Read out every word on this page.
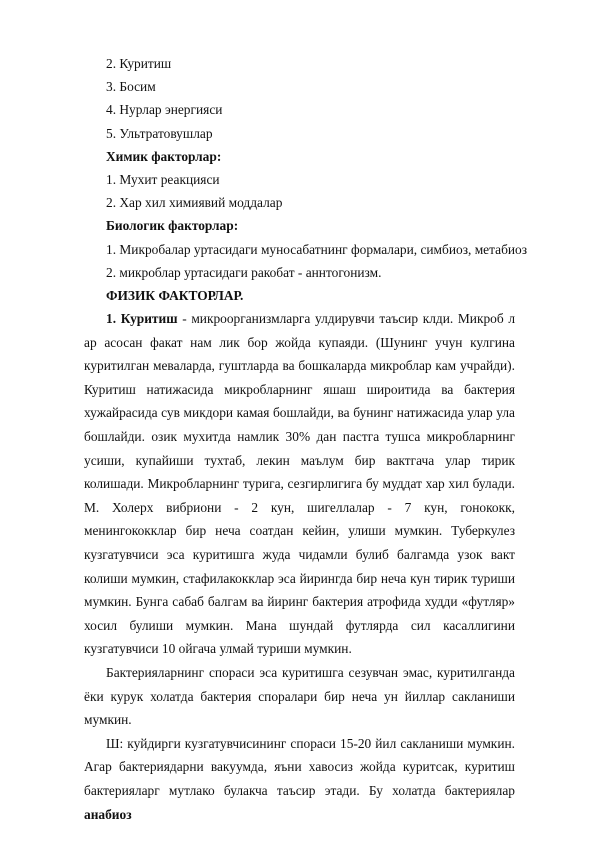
2. Куритиш
3. Босим
4. Нурлар энергияси
5. Ультратовушлар
Химик факторлар:
1. Мухит реакцияси
2. Хар хил химиявий моддалар
Биологик факторлар:
1. Микробалар уртасидаги муносабатнинг формалари, симбиоз, метабиоз
2. микроблар уртасидаги ракобат - аннтогонизм.
ФИЗИК ФАКТОРЛАР.

1. Куритиш - микроорганизмларга улдирувчи таъсир клди. Микроб л ар асосан факат нам лик бор жойда купаяди. (Шунинг учун кулгина куритилган меваларда, гуштларда ва бошкаларда микроблар кам учрайди). Куритиш натижасида микробларнинг яшаш широитида ва бактерия хужайрасида сув микдори камая бошлайди, ва бунинг натижасида улар ула бошлайди. озик мухитда намлик 30% дан пастга тушса микробларнинг усиши, купайиши тухтаб, лекин маълум бир вактгача улар тирик колишади. Микробларнинг турига, сезгирлигига бу муддат хар хил булади. М. Холерх вибриони - 2 кун, шигеллалар - 7 кун, гонококк, менингококклар бир неча соатдан кейин, улиши мумкин. Туберкулез кузгатувчиси эса куритишга жуда чидамли булиб балгамда узок вакт колиши мумкин, стафилакокклар эса йирингда бир неча кун тирик туриши мумкин. Бунга сабаб балгам ва йиринг бактерия атрофида худди «футляр» хосил булиши мумкин. Мана шундай футлярда сил касаллигини кузгатувчиси 10 ойгача улмай туриши мумкин.

Бактерияларнинг спораси эса куритишга сезувчан эмас, куритилганда ёки курук холатда бактерия споралари бир неча ун йиллар сакланиши мумкин.

Ш: куйдирги кузгатувчисининг спораси 15-20 йил сакланиши мумкин. Агар бактериядарни вакуумда, яъни хавосиз жойда куритсак, куритиш бактерияларг мутлако булакча таъсир этади. Бу холатда бактериялар анабиоз
